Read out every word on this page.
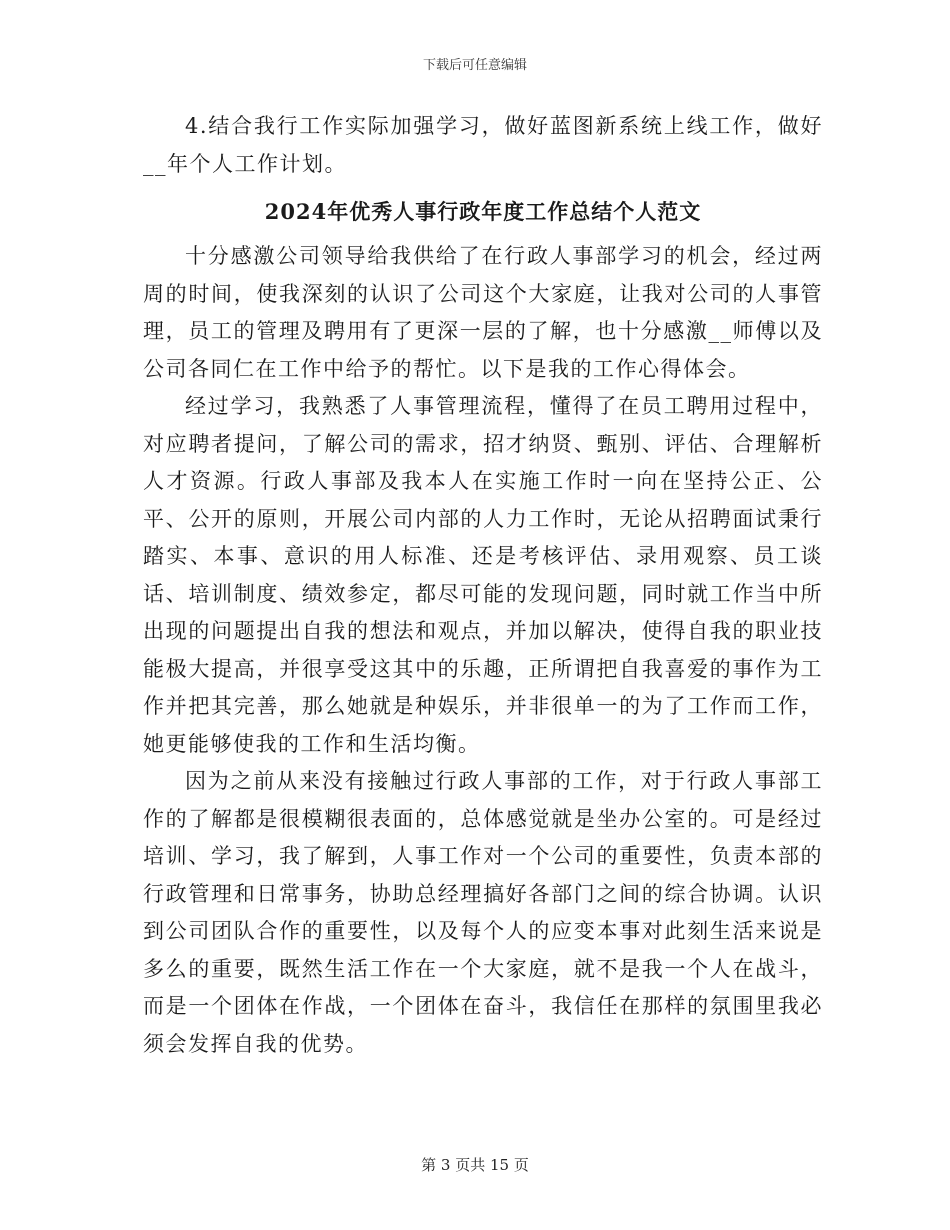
下载后可任意编辑

4.结合我行工作实际加强学习，做好蓝图新系统上线工作，做好__年个人工作计划。

2024年优秀人事行政年度工作总结个人范文

十分感激公司领导给我供给了在行政人事部学习的机会，经过两周的时间，使我深刻的认识了公司这个大家庭，让我对公司的人事管理，员工的管理及聘用有了更深一层的了解，也十分感激__师傅以及公司各同仁在工作中给予的帮忙。以下是我的工作心得体会。

经过学习，我熟悉了人事管理流程，懂得了在员工聘用过程中，对应聘者提问，了解公司的需求，招才纳贤、甄别、评估、合理解析人才资源。行政人事部及我本人在实施工作时一向在坚持公正、公平、公开的原则，开展公司内部的人力工作时，无论从招聘面试秉行踏实、本事、意识的用人标准、还是考核评估、录用观察、员工谈话、培训制度、绩效参定，都尽可能的发现问题，同时就工作当中所出现的问题提出自我的想法和观点，并加以解决，使得自我的职业技能极大提高，并很享受这其中的乐趣，正所谓把自我喜爱的事作为工作并把其完善，那么她就是种娱乐，并非很单一的为了工作而工作，她更能够使我的工作和生活均衡。

因为之前从来没有接触过行政人事部的工作，对于行政人事部工作的了解都是很模糊很表面的，总体感觉就是坐办公室的。可是经过培训、学习，我了解到，人事工作对一个公司的重要性，负责本部的行政管理和日常事务，协助总经理搞好各部门之间的综合协调。认识到公司团队合作的重要性，以及每个人的应变本事对此刻生活来说是多么的重要，既然生活工作在一个大家庭，就不是我一个人在战斗，而是一个团体在作战，一个团体在奋斗，我信任在那样的氛围里我必须会发挥自我的优势。

第 3 页共 15 页
